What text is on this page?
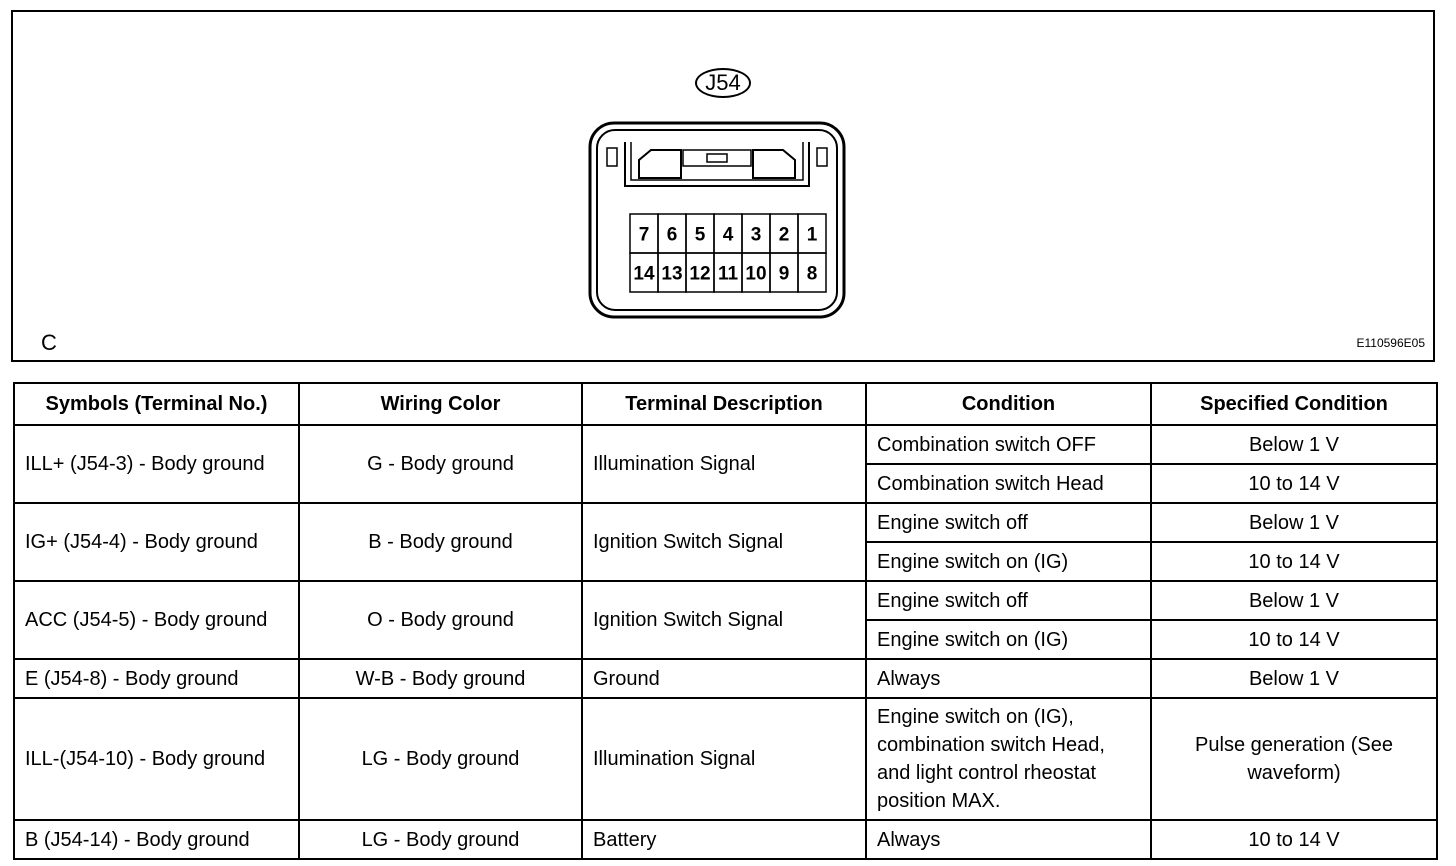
J54
7 6 5 4 3 2 1
14 13 12 11 10 9 8
C	E110596E05
Symbols (Terminal No.)	Wiring Color	Terminal Description	Condition	Specified Condition
ILL+ (J54-3) - Body ground	G - Body ground	Illumination Signal	Combination switch OFF	Below 1 V
			Combination switch Head	10 to 14 V
IG+ (J54-4) - Body ground	B - Body ground	Ignition Switch Signal	Engine switch off	Below 1 V
			Engine switch on (IG)	10 to 14 V
ACC (J54-5) - Body ground	O - Body ground	Ignition Switch Signal	Engine switch off	Below 1 V
			Engine switch on (IG)	10 to 14 V
E (J54-8) - Body ground	W-B - Body ground	Ground	Always	Below 1 V
ILL-(J54-10) - Body ground	LG - Body ground	Illumination Signal	Engine switch on (IG), combination switch Head, and light control rheostat position MAX.	Pulse generation (See waveform)
B (J54-14) - Body ground	LG - Body ground	Battery	Always	10 to 14 V
